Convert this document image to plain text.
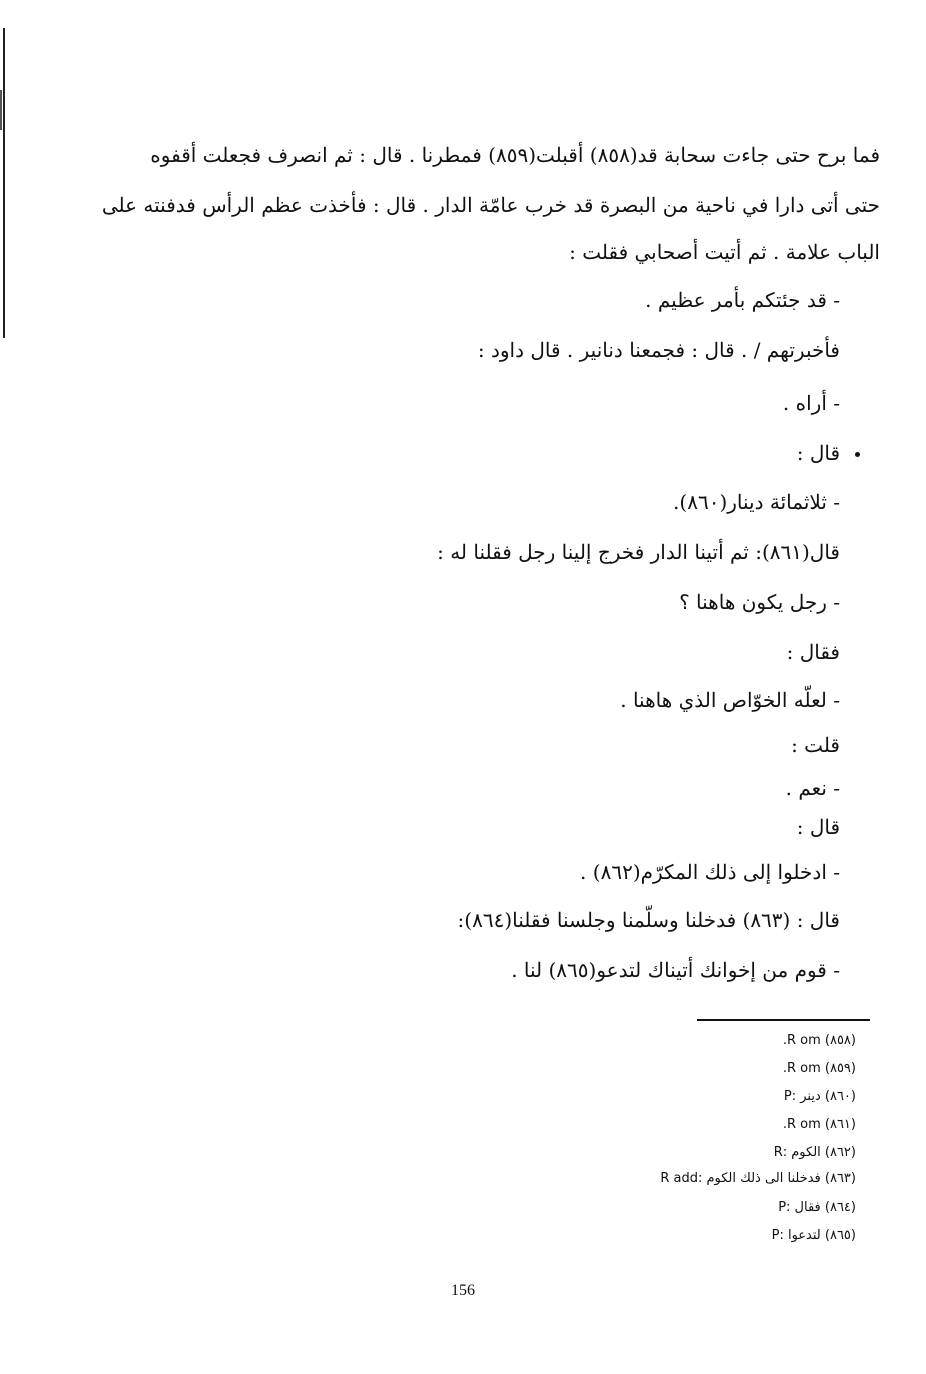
فما برح حتى جاءت سحابة قد(٨٥٨) أقبلت(٨٥٩) فمطرنا . قال : ثم انصرف فجعلت أقفوه
حتى أتى دارا في ناحية من البصرة قد خرب عامّة الدار . قال : فأخذت عظم الرأس فدفنته على
الباب علامة . ثم أتيت أصحابي فقلت :
- قد جئتكم بأمر عظيم .
فأخبرتهم / . قال : فجمعنا دنانير . قال داود :
- أراه .
قال :
- ثلاثمائة دينار(٨٦٠).
قال(٨٦١): ثم أتينا الدار فخرج إلينا رجل فقلنا له :
- رجل يكون هاهنا ؟
فقال :
- لعلّه الخوّاص الذي هاهنا .
قلت :
- نعم .
قال :
- ادخلوا إلى ذلك المكرّم(٨٦٢) .
قال : (٨٦٣) فدخلنا وسلّمنا وجلسنا فقلنا(٨٦٤):
- قوم من إخوانك أتيناك لتدعو(٨٦٥) لنا .
(٨٥٨) R om.
(٨٥٩) R om.
(٨٦٠) دينر :P
(٨٦١) R om.
(٨٦٢) الكوم :R
(٨٦٣) فدخلنا الى ذلك الكوم :R add
(٨٦٤) فقال :P
(٨٦٥) لتدعوا :P
156
